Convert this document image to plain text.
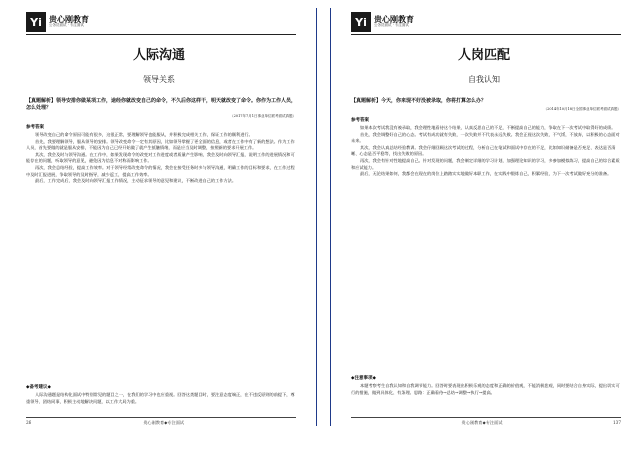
Yi 贵心刚教育
公务员面试 · 专注面试
人际沟通
领导关系
【真题解析】领导安排你做某项工作，途经你就改变自己的命令，不久后你这样干，明天就改变了命令。你作为工作人员，怎么处理？
（2017年7月1日事业单位联考面试真题）
参考答案

领导改变自己的命令原因可能有很多，这很正常，要理解领导也能服从，并积极完成相关工作，保证工作的顺利进行。

首先，我要理解领导，服从领导的安排。领导改变命令一定有其原因，比如领导掌握了更全面的信息，或者在工作中有了新的想法。作为工作人员，首先要做的就是服从安排，不能因为自己已经开始做了就产生抵触情绪，而是应当及时调整，按照新的要求开展工作。

其次，我会及时与领导沟通。在工作中，如果发现命令的改变对工作进度或者质量产生影响，我会及时向领导汇报，说明工作的进展情况和可能存在的问题，听取领导的意见，避免因为信息不对称而影响工作。

再次，我会总结经验，提高工作效率。对于领导经常改变命令的情况，我会在接受任务时多与领导沟通，明确工作的目标和要求，在工作过程中及时汇报进展，争取领导的及时指导，减少返工，提高工作效率。

最后，工作完成后，我会及时向领导汇报工作情况，主动征求领导的意见和建议，不断改进自己的工作方法。

◆备考建议◆
人际沟通题是结构化面试中特别常见的题目之一，在我们的学习中也应重视。回答这类题目时，要注意态度端正，在不违反原则的前提下，尊重领导、团结同事，积极主动地解决问题，以工作大局为重。
26	贵心刚教育◆专注面试
Yi 贵心刚教育
公务员面试 · 专注面试
人岗匹配
自我认知
【真题解析】今天，你来现不好没被录取，你将打算怎么办？
（2014年10月18日全国事业单位联考面试真题）
参考答案

如果本次考试我没有被录取，我会理性地看待这个结果，认真反思自己的不足，不断提高自己的能力，争取在下一次考试中取得好的成绩。

首先，我会调整好自己的心态。考试有成功就有失败，一次失败并不代表永远失败。我会正视这次失败，不气馁，不放弃，以积极的心态面对未来。

其次，我会认真总结经验教训。我会仔细回顾这次考试的过程，分析自己在笔试和面试中存在的不足，比如知识储备是否充足、表达是否清晰、心态是否平稳等，找出失败的原因。

再次，我会有针对性地提高自己。针对发现的问题，我会制定详细的学习计划，加强理论知识的学习，多参加模拟练习，提高自己的综合素质和应试能力。

最后，无论结果如何，我都会在现在的岗位上踏踏实实地做好本职工作，在实践中锻炼自己，积累经验，为下一次考试做好充分的准备。

◆注意事项◆
本题考察考生自我认知和自我调节能力。回答时要表现出积极乐观的态度和正确的价值观，不能消极悲观，同时要结合自身实际，提出切实可行的措施，做到具体化、有条理。思路：正确看待→总结→调整→执行→提高。
贵心刚教育◆专注面试	137
